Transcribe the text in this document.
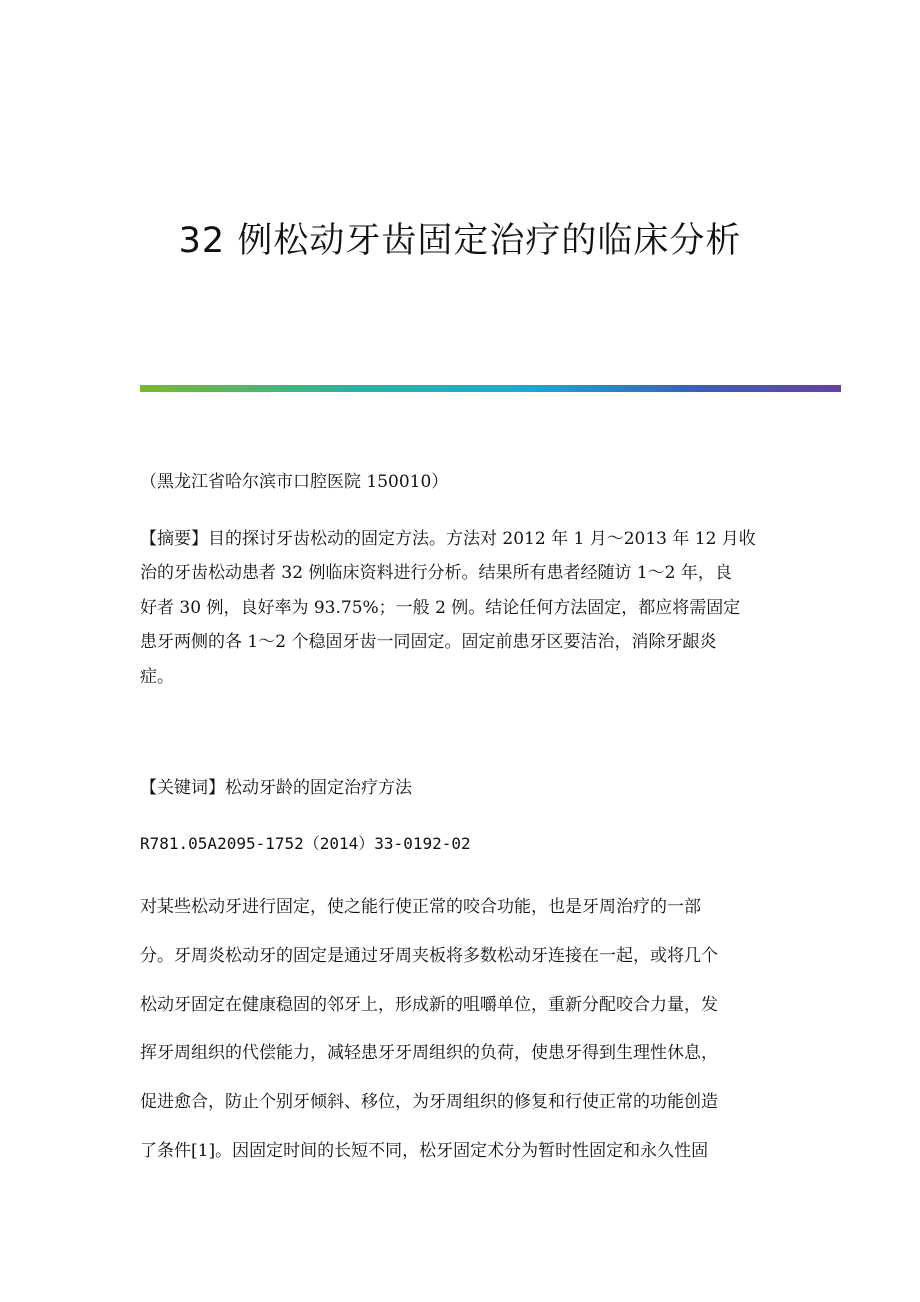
32 例松动牙齿固定治疗的临床分析

（黑龙江省哈尔滨市口腔医院 150010）

【摘要】目的探讨牙齿松动的固定方法。方法对 2012 年 1 月～2013 年 12 月收
治的牙齿松动患者 32 例临床资料进行分析。结果所有患者经随访 1～2 年，良
好者 30 例，良好率为 93.75%；一般 2 例。结论任何方法固定，都应将需固定
患牙两侧的各 1～2 个稳固牙齿一同固定。固定前患牙区要洁治，消除牙龈炎
症。

【关键词】松动牙龄的固定治疗方法

R781.05A2095-1752（2014）33-0192-02

对某些松动牙进行固定，使之能行使正常的咬合功能，也是牙周治疗的一部
分。牙周炎松动牙的固定是通过牙周夹板将多数松动牙连接在一起，或将几个
松动牙固定在健康稳固的邻牙上，形成新的咀嚼单位，重新分配咬合力量，发
挥牙周组织的代偿能力，减轻患牙牙周组织的负荷，使患牙得到生理性休息，
促进愈合，防止个别牙倾斜、移位，为牙周组织的修复和行使正常的功能创造
了条件[1]。因固定时间的长短不同，松牙固定术分为暂时性固定和永久性固
